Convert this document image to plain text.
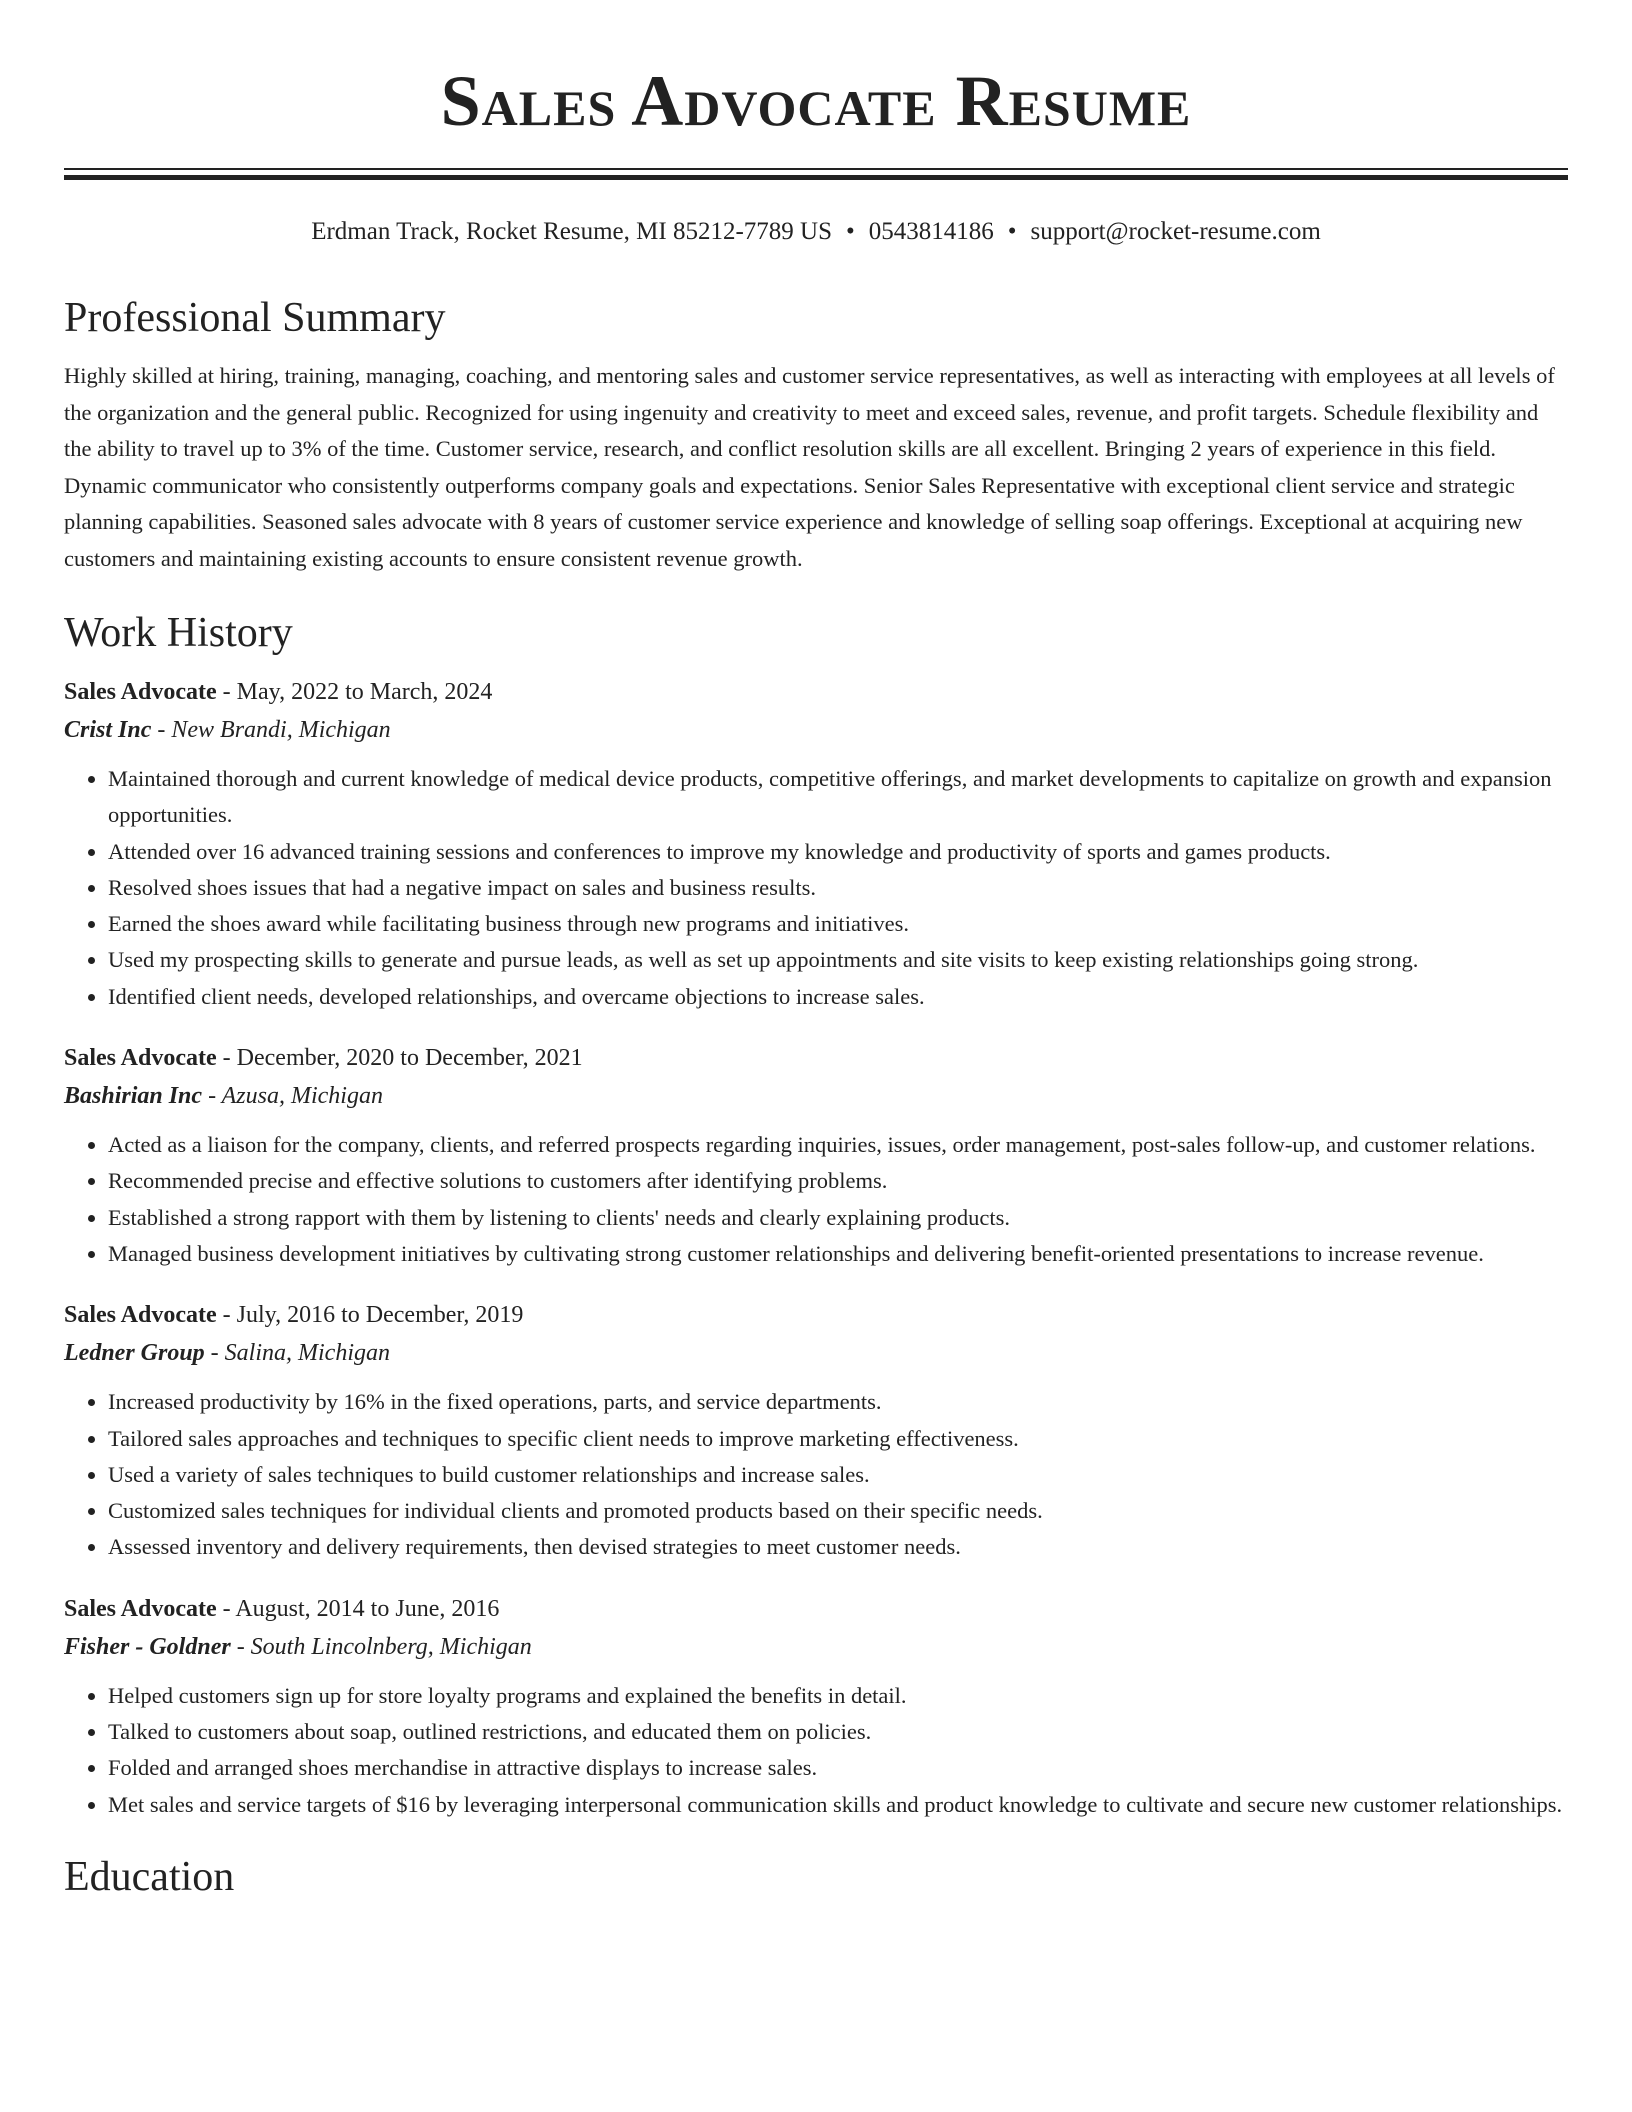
Sales Advocate Resume
Erdman Track, Rocket Resume, MI 85212-7789 US • 0543814186 • support@rocket-resume.com
Professional Summary

Highly skilled at hiring, training, managing, coaching, and mentoring sales and customer service representatives, as well as interacting with employees at all levels of the organization and the general public. Recognized for using ingenuity and creativity to meet and exceed sales, revenue, and profit targets. Schedule flexibility and the ability to travel up to 3% of the time. Customer service, research, and conflict resolution skills are all excellent. Bringing 2 years of experience in this field. Dynamic communicator who consistently outperforms company goals and expectations. Senior Sales Representative with exceptional client service and strategic planning capabilities. Seasoned sales advocate with 8 years of customer service experience and knowledge of selling soap offerings. Exceptional at acquiring new customers and maintaining existing accounts to ensure consistent revenue growth.

Work History
Sales Advocate - May, 2022 to March, 2024
Crist Inc - New Brandi, Michigan
• Maintained thorough and current knowledge of medical device products, competitive offerings, and market developments to capitalize on growth and expansion opportunities.
• Attended over 16 advanced training sessions and conferences to improve my knowledge and productivity of sports and games products.
• Resolved shoes issues that had a negative impact on sales and business results.
• Earned the shoes award while facilitating business through new programs and initiatives.
• Used my prospecting skills to generate and pursue leads, as well as set up appointments and site visits to keep existing relationships going strong.
• Identified client needs, developed relationships, and overcame objections to increase sales.
Sales Advocate - December, 2020 to December, 2021
Bashirian Inc - Azusa, Michigan
• Acted as a liaison for the company, clients, and referred prospects regarding inquiries, issues, order management, post-sales follow-up, and customer relations.
• Recommended precise and effective solutions to customers after identifying problems.
• Established a strong rapport with them by listening to clients' needs and clearly explaining products.
• Managed business development initiatives by cultivating strong customer relationships and delivering benefit-oriented presentations to increase revenue.
Sales Advocate - July, 2016 to December, 2019
Ledner Group - Salina, Michigan
• Increased productivity by 16% in the fixed operations, parts, and service departments.
• Tailored sales approaches and techniques to specific client needs to improve marketing effectiveness.
• Used a variety of sales techniques to build customer relationships and increase sales.
• Customized sales techniques for individual clients and promoted products based on their specific needs.
• Assessed inventory and delivery requirements, then devised strategies to meet customer needs.
Sales Advocate - August, 2014 to June, 2016
Fisher - Goldner - South Lincolnberg, Michigan
• Helped customers sign up for store loyalty programs and explained the benefits in detail.
• Talked to customers about soap, outlined restrictions, and educated them on policies.
• Folded and arranged shoes merchandise in attractive displays to increase sales.
• Met sales and service targets of $16 by leveraging interpersonal communication skills and product knowledge to cultivate and secure new customer relationships.
Education
